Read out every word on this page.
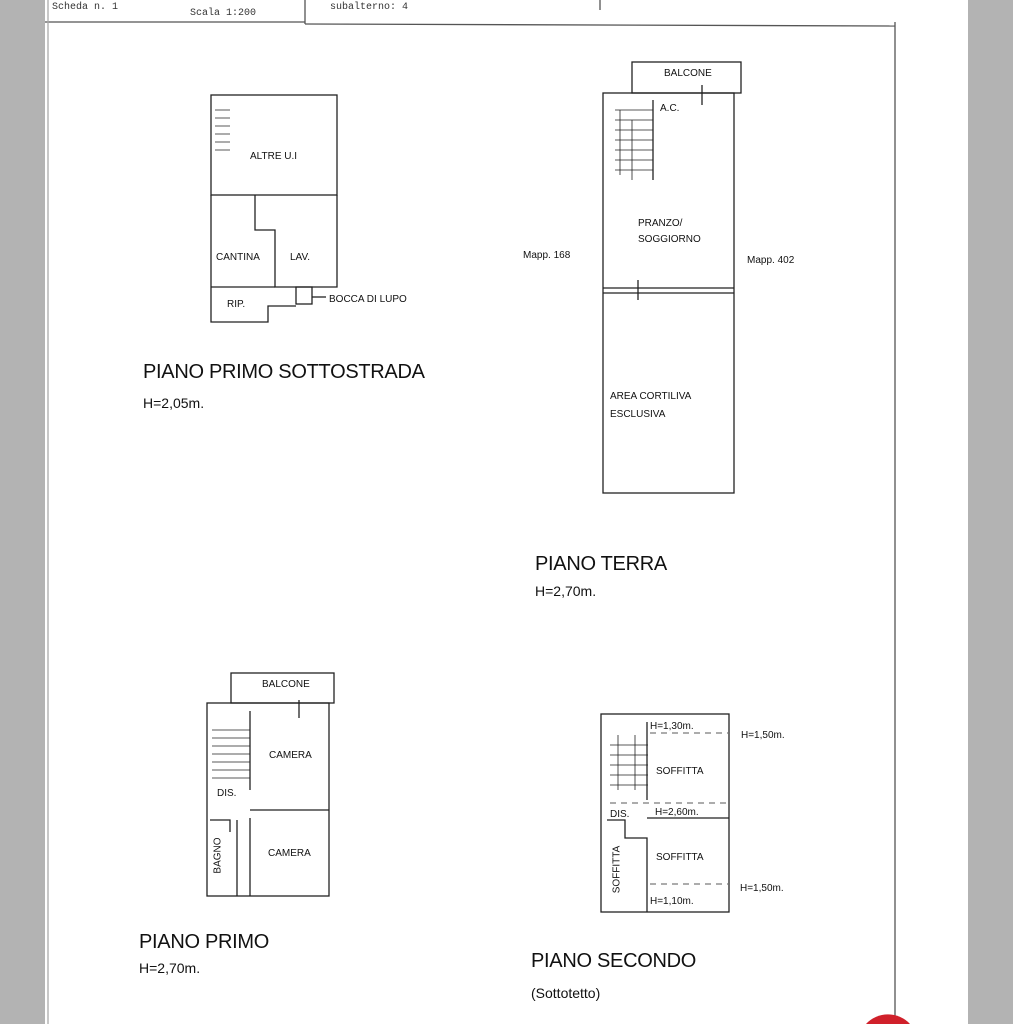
Scheda n. 1
Scala 1:200
subalterno: 4
ALTRE U.I
CANTINA	LAV.
RIP.	BOCCA DI LUPO
PIANO PRIMO SOTTOSTRADA
H=2,05m.
BALCONE
A.C.
PRANZO/
SOGGIORNO
AREA CORTILIVA
ESCLUSIVA
Mapp. 168	Mapp. 402
PIANO TERRA
H=2,70m.
BALCONE
CAMERA
DIS.
CAMERA
BAGNO
PIANO PRIMO
H=2,70m.
SOFFITTA
DIS.
SOFFITTA
SOFFITTA
H=1,30m.
H=1,50m.
H=2,60m.
H=1,50m.
H=1,10m.
PIANO SECONDO
(Sottotetto)
